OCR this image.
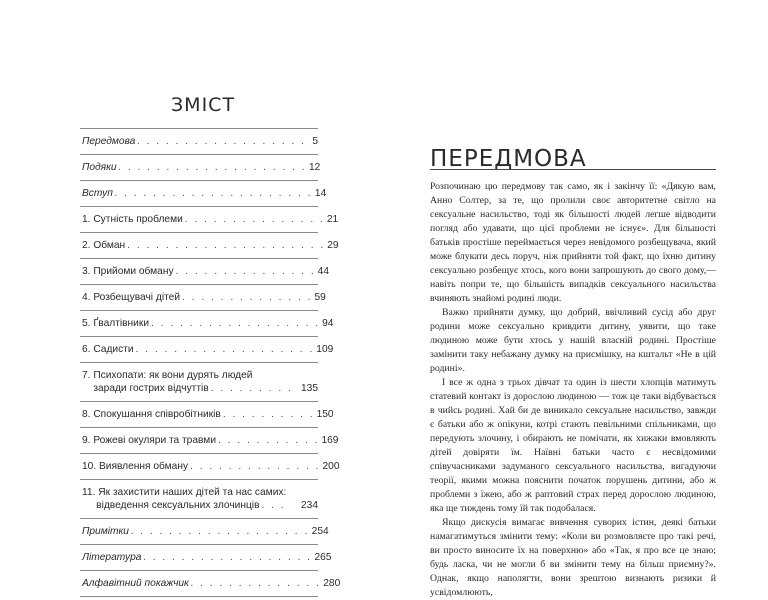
ЗМІСТ
Передмова . . . . . . . . . . . . . . . . . . 5
Подяки . . . . . . . . . . . . . . . . . . . . 12
Вступ . . . . . . . . . . . . . . . . . . . . . 14
1. Сутність проблеми . . . . . . . . . . . . . . . 21
2. Обман . . . . . . . . . . . . . . . . . . . . . 29
3. Прийоми обману . . . . . . . . . . . . . . . 44
4. Розбещувачі дітей . . . . . . . . . . . . . . 59
5. Ґвалтівники . . . . . . . . . . . . . . . . . . 94
6. Садисти . . . . . . . . . . . . . . . . . . . 109
7. Психопати: як вони дурять людей
заради гострих відчуттів . . . . . . . . . 135
8. Спокушання співробітників . . . . . . . . . . 150
9. Рожеві окуляри та травми . . . . . . . . . . . 169
10. Виявлення обману . . . . . . . . . . . . . . 200
11. Як захистити наших дітей та нас самих:
відведення сексуальних злочинців . . .	234
Примітки . . . . . . . . . . . . . . . . . . . 254
Література . . . . . . . . . . . . . . . . . . 265
Алфавітний покажчик . . . . . . . . . . . . . . 280
ПЕРЕДМОВА

Розпочинаю цю передмову так само, як і закінчу її: «Дякую вам, Анно Солтер, за те, що пролили своє авторитетне світло на сексуальне насильство, тоді як більшості людей легше відводити погляд або удавати, що цієї проблеми не існує». Для більшості батьків простіше переймається через невідомого розбещувача, який може блукати десь поруч, ніж прийняти той факт, що їхню дитину сексуально розбещує хтось, кого вони запрошують до свого дому,— навіть попри те, що більшість випадків сексуального насильства вчиняють знайомі родині люди.

Важко прийняти думку, що добрий, ввічливий сусід або друг родини може сексуально кривдити дитину, уявити, що таке людиною може бути хтось у нашій власній родині. Простіше замінити таку небажану думку на присмішку, на кштальт «Не в цій родині».

І все ж одна з трьох дівчат та один із шести хлопців матимуть статевий контакт із дорослою людиною — тож це таки відбувається в чийсь родині. Хай би де виникало сексуальне насильство, завжди є батьки або ж опікуни, котрі стають певільними спільниками, що передують злочину, і обирають не помічати, як хижаки вмовляють дітей довіряти їм. Наївні батьки часто є несвідомими співучасниками задуманого сексуального насильства, вигадуючи теорії, якими можна пояснити початок порушень дитини, або ж проблеми з їжею, або ж раптовий страх перед дорослою людиною, яка ще тиждень тому їй так подобалася.

Якщо дискусія вимагає вивчення суворих істин, деякі батьки намагатимуться змінити тему: «Коли ви розмовляєте про такі речі, ви просто виносите їх на поверхню» або «Так, я про все це знаю; будь ласка, чи не могли б ви змінити тему на більш приємну?». Однак, якщо наполягти, вони зрештою визнають ризики й усвідомлюють,
